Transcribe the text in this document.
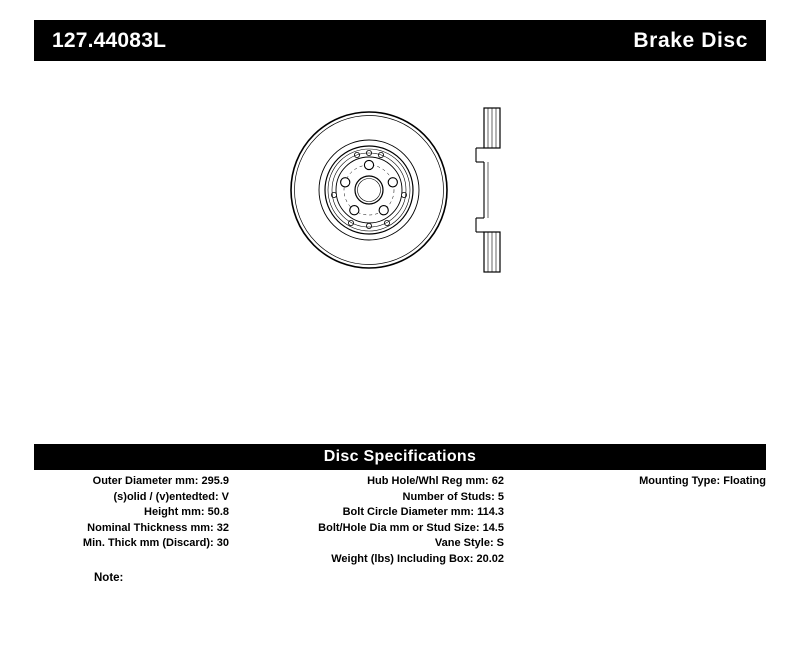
127.44083L	Brake Disc
Disc Specifications
Outer Diameter mm: 295.9
(s)olid / (v)entedted: V
Height mm: 50.8
Nominal Thickness mm: 32
Min. Thick mm (Discard): 30
Hub Hole/Whl Reg mm: 62
Number of Studs: 5
Bolt Circle Diameter mm: 114.3
Bolt/Hole Dia mm or Stud Size: 14.5
Vane Style: S
Weight (lbs) Including Box: 20.02
Mounting Type: Floating
Note:
